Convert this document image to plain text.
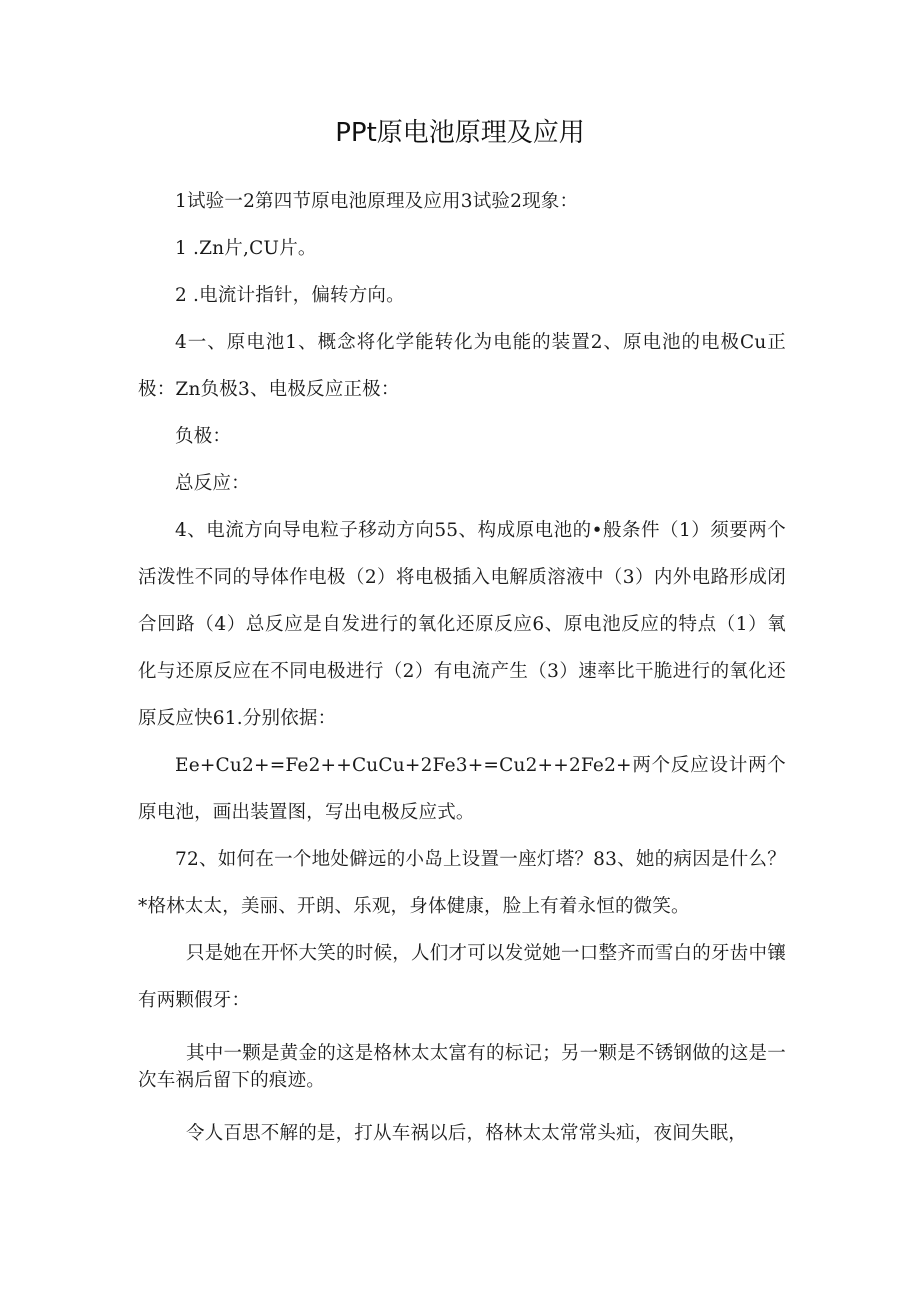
PPt原电池原理及应用

1试验一2第四节原电池原理及应用3试验2现象：

1 .Zn片,CU片。

2 .电流计指针，偏转方向。

4一、原电池1、概念将化学能转化为电能的装置2、原电池的电极Cu正极：Zn负极3、电极反应正极：

负极：

总反应：

4、电流方向导电粒子移动方向55、构成原电池的•般条件（1）须要两个活泼性不同的导体作电极（2）将电极插入电解质溶液中（3）内外电路形成闭合回路（4）总反应是自发进行的氧化还原反应6、原电池反应的特点（1）氧化与还原反应在不同电极进行（2）有电流产生（3）速率比干脆进行的氧化还原反应快61.分别依据：

Ee+Cu2+=Fe2++CuCu+2Fe3+=Cu2++2Fe2+两个反应设计两个原电池，画出装置图，写出电极反应式。

72、如何在一个地处僻远的小岛上设置一座灯塔？83、她的病因是什么？*格林太太，美丽、开朗、乐观，身体健康，脸上有着永恒的微笑。

只是她在开怀大笑的时候，人们才可以发觉她一口整齐而雪白的牙齿中镶有两颗假牙：

其中一颗是黄金的这是格林太太富有的标记；另一颗是不锈钢做的这是一次车祸后留下的痕迹。

令人百思不解的是，打从车祸以后，格林太太常常头疝，夜间失眠，
